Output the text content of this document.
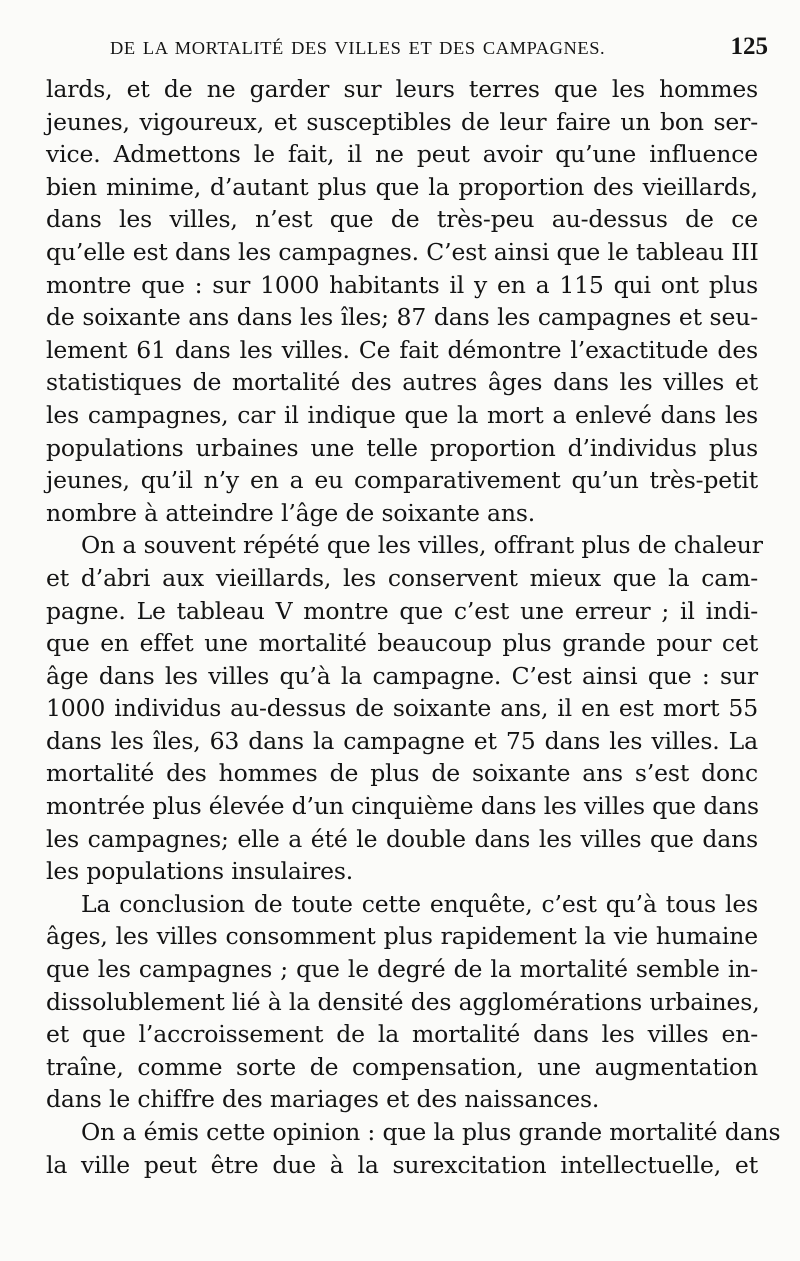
DE LA MORTALITÉ DES VILLES ET DES CAMPAGNES.	125
lards, et de ne garder sur leurs terres que les hommes
jeunes, vigoureux, et susceptibles de leur faire un bon ser-
vice. Admettons le fait, il ne peut avoir qu’une influence
bien minime, d’autant plus que la proportion des vieillards,
dans les villes, n’est que de très-peu au-dessus de ce
qu’elle est dans les campagnes. C’est ainsi que le tableau III
montre que : sur 1000 habitants il y en a 115 qui ont plus
de soixante ans dans les îles; 87 dans les campagnes et seu-
lement 61 dans les villes. Ce fait démontre l’exactitude des
statistiques de mortalité des autres âges dans les villes et
les campagnes, car il indique que la mort a enlevé dans les
populations urbaines une telle proportion d’individus plus
jeunes, qu’il n’y en a eu comparativement qu’un très-petit
nombre à atteindre l’âge de soixante ans.
On a souvent répété que les villes, offrant plus de chaleur
et d’abri aux vieillards, les conservent mieux que la cam-
pagne. Le tableau V montre que c’est une erreur ; il indi-
que en effet une mortalité beaucoup plus grande pour cet
âge dans les villes qu’à la campagne. C’est ainsi que : sur
1000 individus au-dessus de soixante ans, il en est mort 55
dans les îles, 63 dans la campagne et 75 dans les villes. La
mortalité des hommes de plus de soixante ans s’est donc
montrée plus élevée d’un cinquième dans les villes que dans
les campagnes; elle a été le double dans les villes que dans
les populations insulaires.
La conclusion de toute cette enquête, c’est qu’à tous les
âges, les villes consomment plus rapidement la vie humaine
que les campagnes ; que le degré de la mortalité semble in-
dissolublement lié à la densité des agglomérations urbaines,
et que l’accroissement de la mortalité dans les villes en-
traîne, comme sorte de compensation, une augmentation
dans le chiffre des mariages et des naissances.
On a émis cette opinion : que la plus grande mortalité dans
la ville peut être due à la surexcitation intellectuelle, et
